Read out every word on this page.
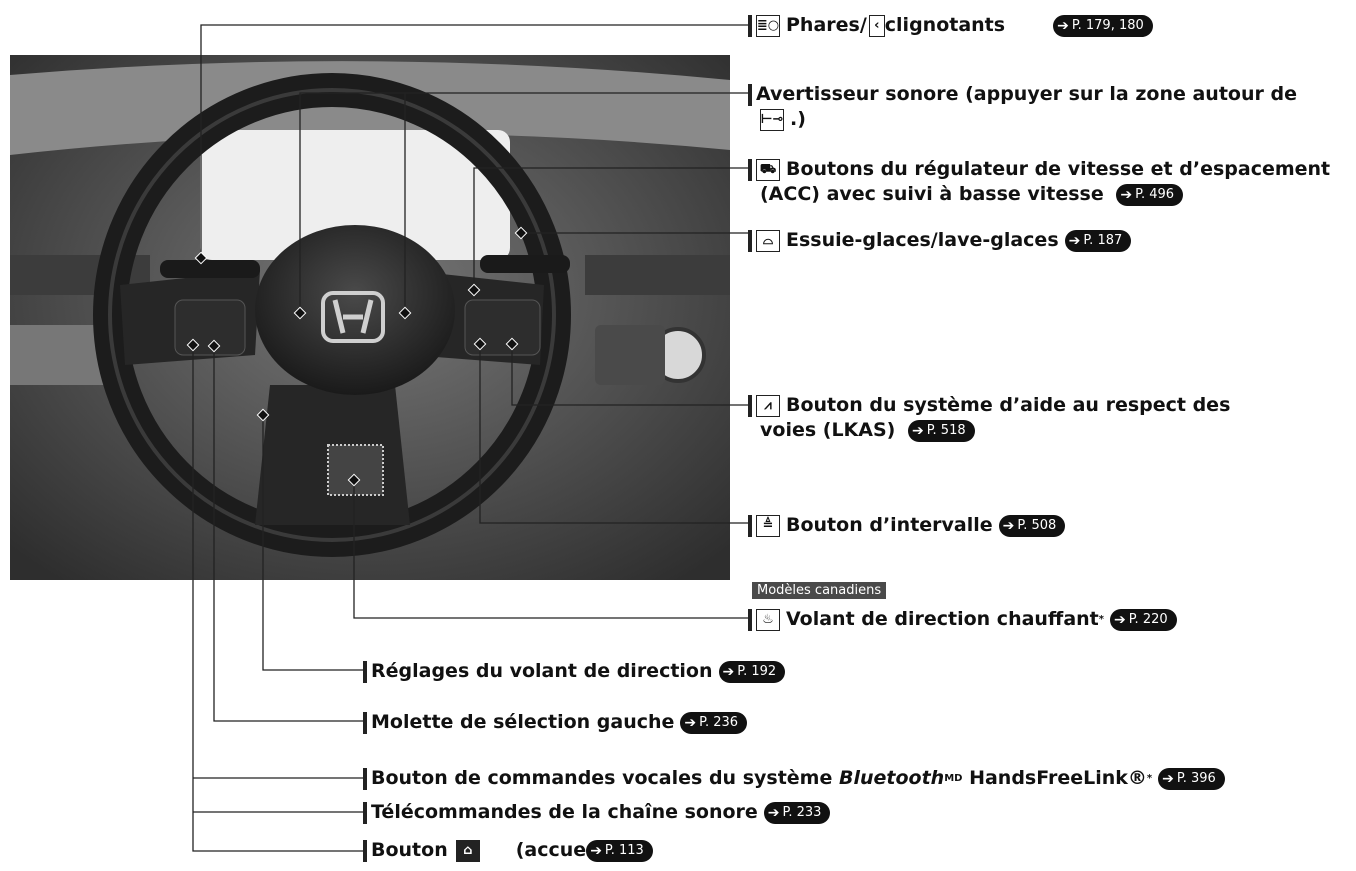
≣○ Phares/ ‹ clignotants	➔ P. 179, 180
Avertisseur sonore (appuyer sur la zone autour de
⊢⊸ .)
⛟ Boutons du régulateur de vitesse et d’espacement
(ACC) avec suivi à basse vitesse ➔ P. 496
⌓ Essuie-glaces/lave-glaces ➔ P. 187
⩘ Bouton du système d’aide au respect des
voies (LKAS) ➔ P. 518
≜ Bouton d’intervalle ➔ P. 508
Modèles canadiens
♨ Volant de direction chauffant * ➔ P. 220
Réglages du volant de direction ➔ P. 192
Molette de sélection gauche ➔ P. 236
Bouton de commandes vocales du système Bluetooth MD HandsFreeLink® * ➔ P. 396
Télécommandes de la chaîne sonore ➔ P. 233
Bouton	⌂	(accue ➔ P. 113
